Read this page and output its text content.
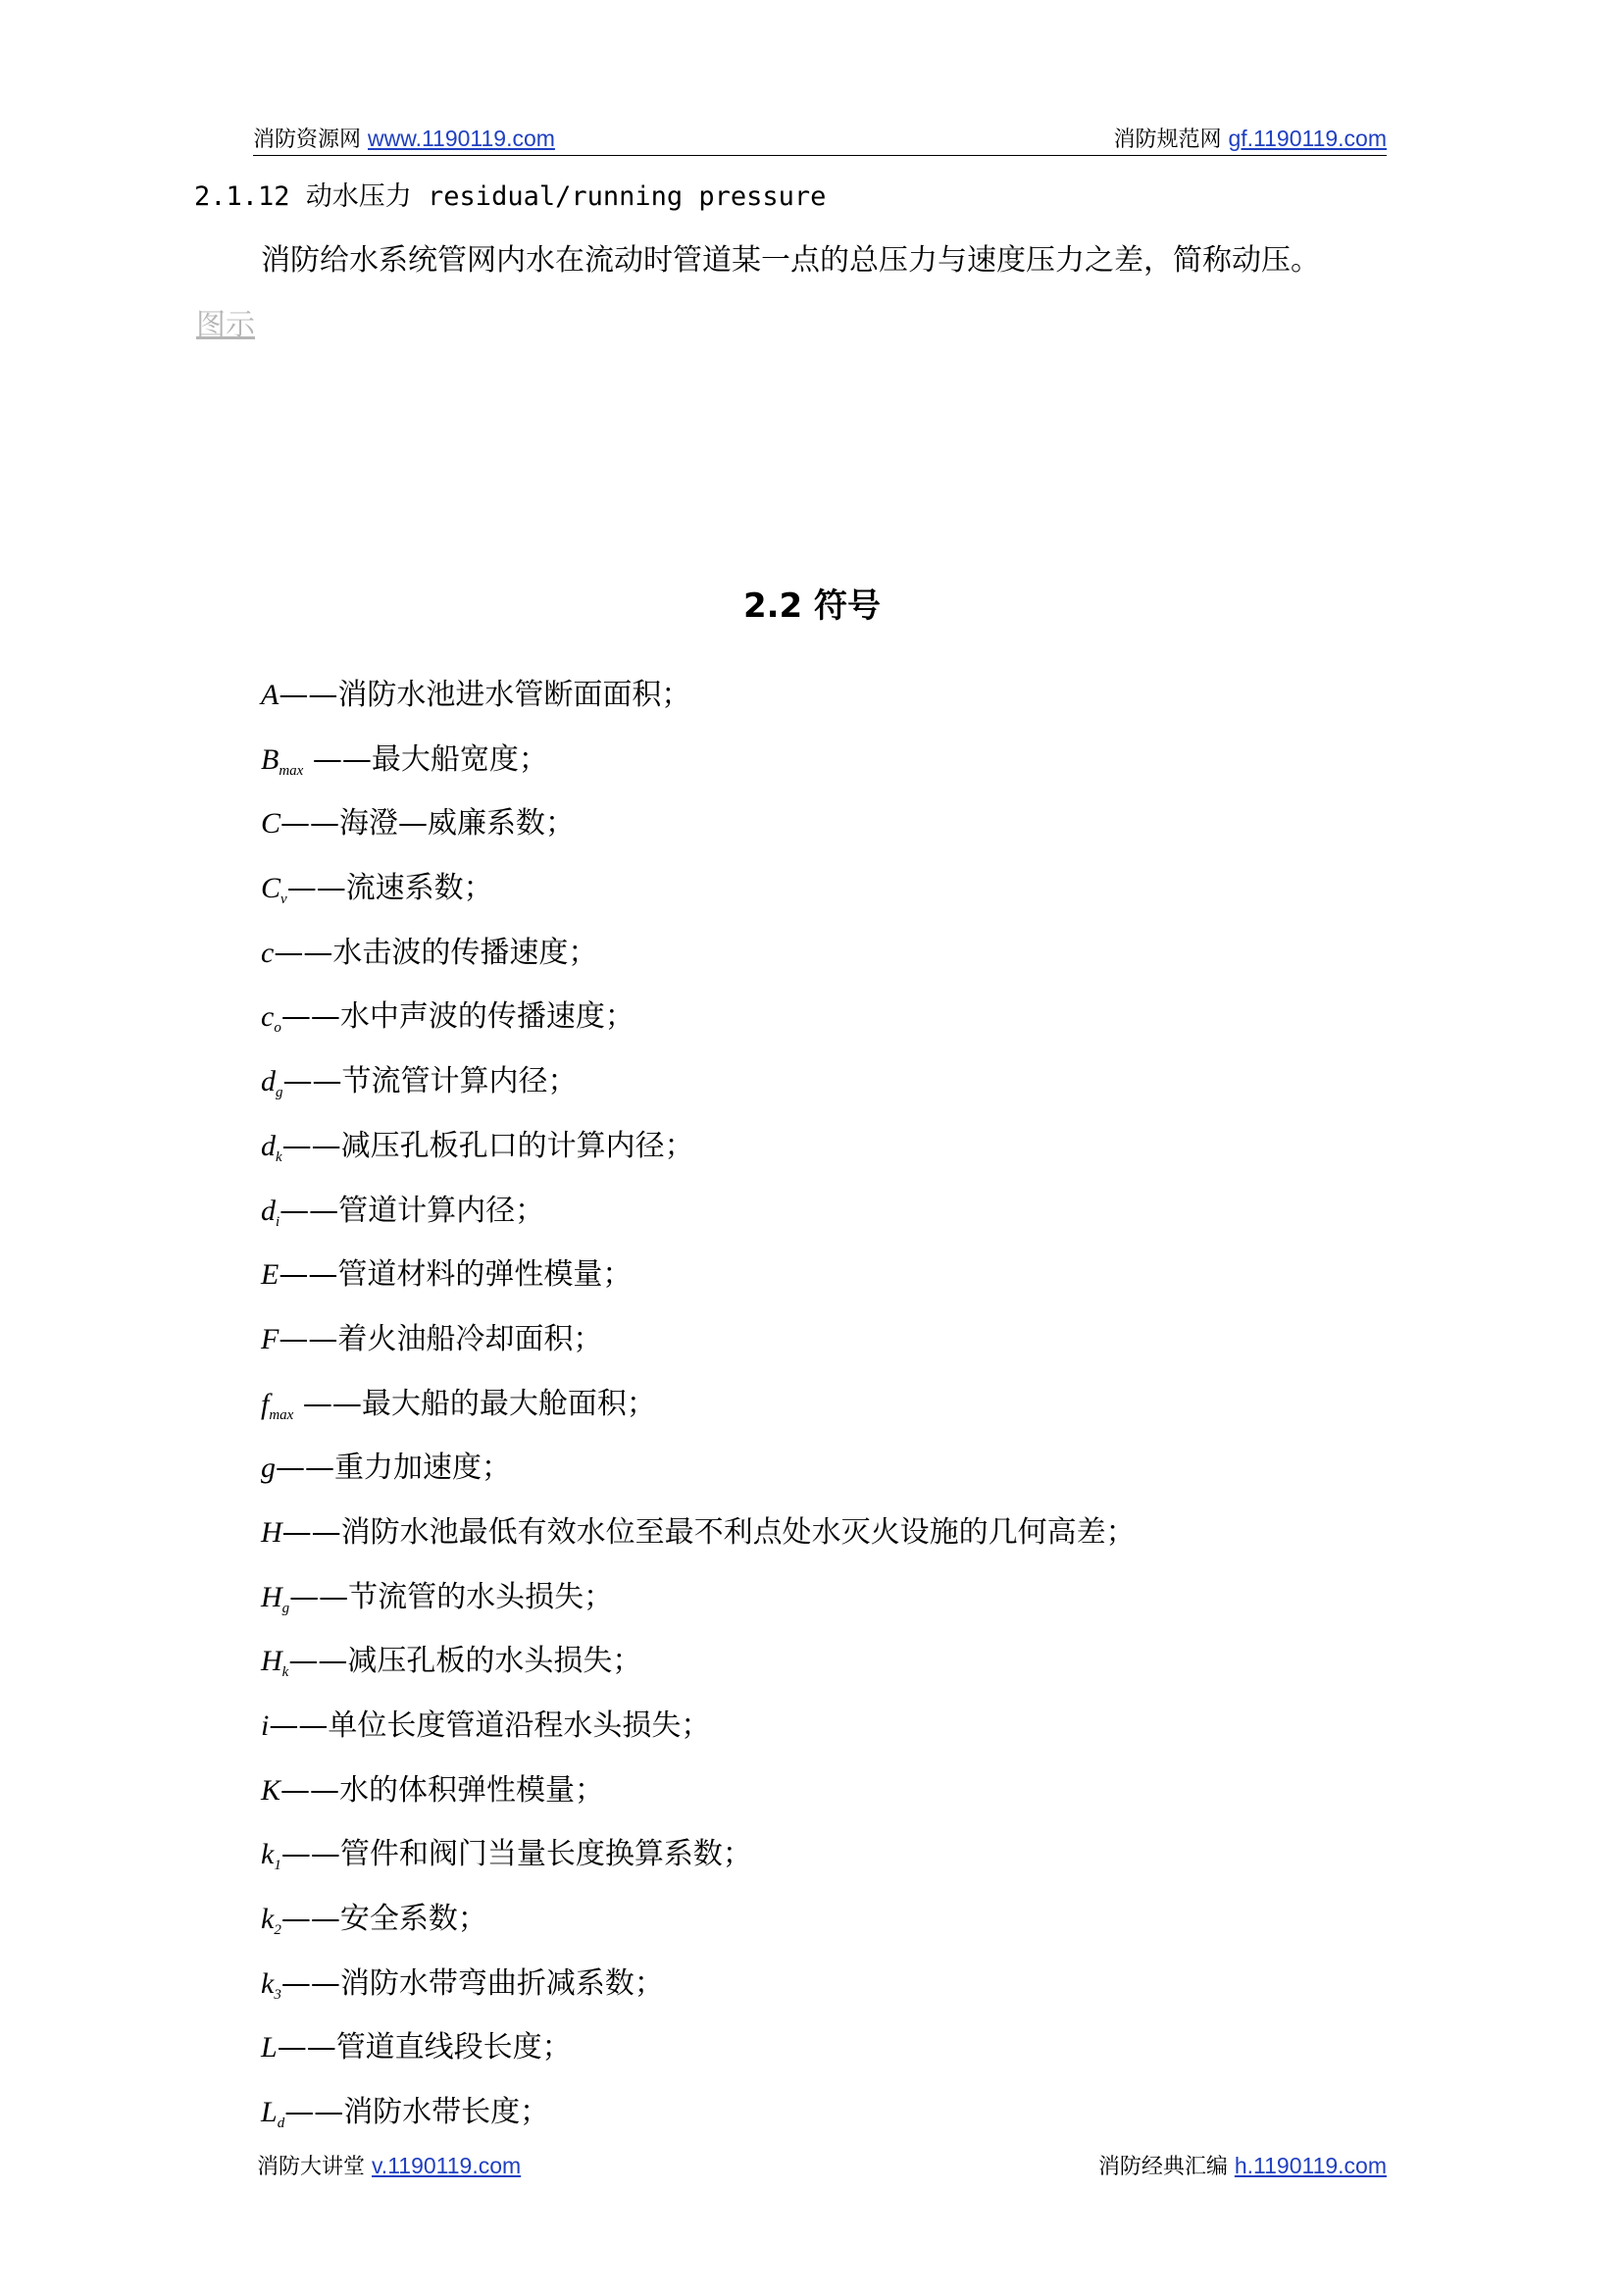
消防资源网 www.1190119.com	消防规范网 gf.1190119.com
2.1.12 动水压力 residual/running pressure
消防给水系统管网内水在流动时管道某一点的总压力与速度压力之差，简称动压。
图示
2.2 符号
A——消防水池进水管断面面积；
$B_{max}$ ——最大船宽度；
C——海澄—威廉系数；
$C_v——$流速系数；
c——水击波的传播速度；
$c_o——$水中声波的传播速度；
$d_g——$节流管计算内径；
$d_k——$减压孔板孔口的计算内径；
$d_i——$管道计算内径；
E——管道材料的弹性模量；
F——着火油船冷却面积；
$f_{max}$ ——最大船的最大舱面积；
g——重力加速度；
H——消防水池最低有效水位至最不利点处水灭火设施的几何高差；
$H_g——$节流管的水头损失；
$H_k——$减压孔板的水头损失；
i——单位长度管道沿程水头损失；
K——水的体积弹性模量；
$k_1——$管件和阀门当量长度换算系数；
$k_2——$安全系数；
$k_3——$消防水带弯曲折减系数；
L——管道直线段长度；
$L_d——$消防水带长度；
消防大讲堂 v.1190119.com	消防经典汇编 h.1190119.com
